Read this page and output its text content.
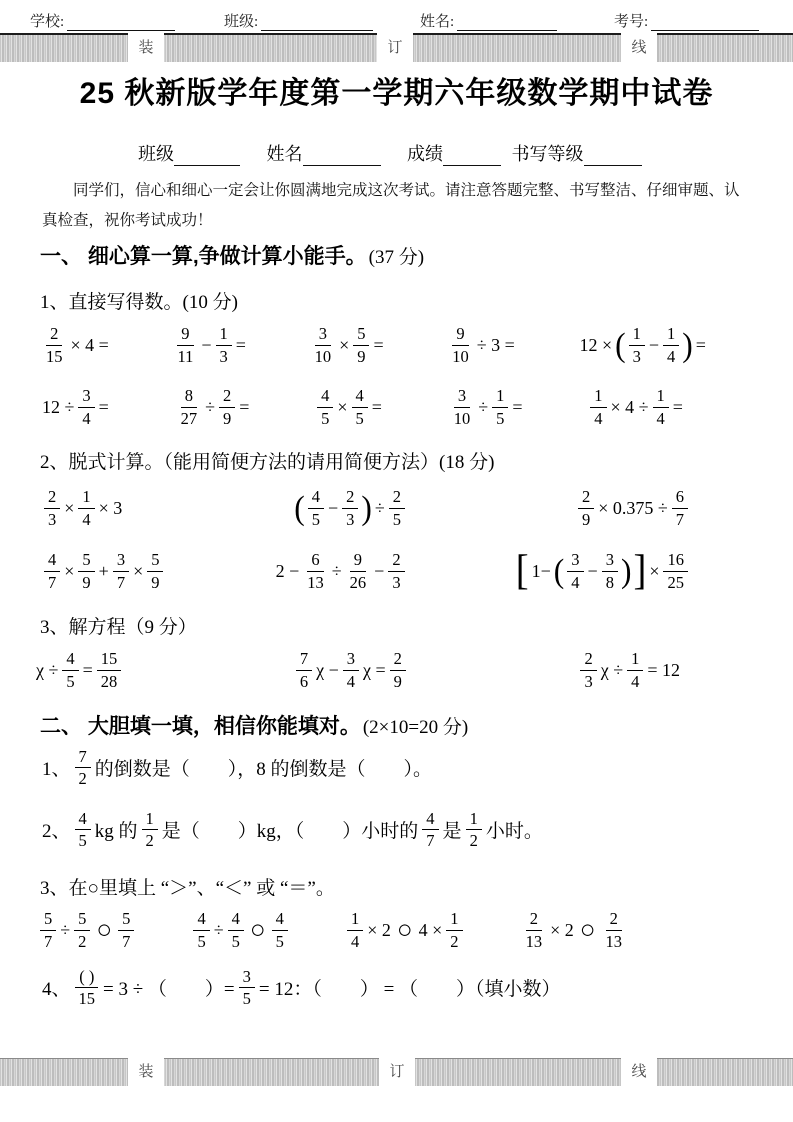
学校:	班级:	姓名:	考号:
装	订	线
25 秋新版学年度第一学期六年级数学期中试卷
班级	姓名	成绩	书写等级

同学们，信心和细心一定会让你圆满地完成这次考试。请注意答题完整、书写整洁、仔细审题、认真检查，祝你考试成功！

一、 细心算一算,争做计算小能手。 (37 分)
1、直接写得数。(10 分)
$\frac{2}{15} \times 4$ =	$\frac{9}{11} - \frac{1}{3}$ =	$\frac{3}{10} \times \frac{5}{9}$ =	$\frac{9}{10} \div 3$ =	12 × ( $\frac{1}{3} - \frac{1}{4}$ ) =
$12 \div \frac{3}{4}$ =	$\frac{8}{27} \div \frac{2}{9}$ =	$\frac{4}{5} \times \frac{4}{5}$ =	$\frac{3}{10} \div \frac{1}{5}$ =	$\frac{1}{4} \times 4 \div \frac{1}{4}$ =
2、脱式计算。（能用简便方法的请用简便方法）(18 分)
$\frac{2}{3} \times \frac{1}{4} \times 3$	( $\frac{4}{5} - \frac{2}{3}$ ) ÷ $\frac{2}{5}$	$\frac{2}{9} \times 0.375 \div \frac{6}{7}$
$\frac{4}{7} \times \frac{5}{9} + \frac{3}{7} \times \frac{5}{9}$	$2 - \frac{6}{13} \div \frac{9}{26} - \frac{2}{3}$	[ 1− ( $\frac{3}{4} - \frac{3}{8}$ ) ] × $\frac{16}{25}$
3、解方程（9 分）
$\chi \div \frac{4}{5} = \frac{15}{28}$	$\frac{7}{6}$ $\chi - \frac{3}{4}$ $\chi = \frac{2}{9}$	$\frac{2}{3}$ $\chi \div \frac{1}{4} = 12$
二、 大胆填一填，相信你能填对。 (2×10=20 分)
1、 $\frac{7}{2}$ 的倒数是（　　），8 的倒数是（　　）。
2、 $\frac{4}{5}$ kg 的 $\frac{1}{2}$ 是（　　）kg，（　　）小时的 $\frac{4}{7}$ 是 $\frac{1}{2}$ 小时。
3、在○里填上 “＞”、“＜” 或 “＝”。
$\frac{5}{7} \div \frac{5}{2}$ ○ $\frac{5}{7}$	$\frac{4}{5} \div \frac{4}{5}$ ○ $\frac{4}{5}$	$\frac{1}{4} \times 2$ ○ $4 \times \frac{1}{2}$	$\frac{2}{13} \times 2$ ○ $\frac{2}{13}$
4、 $\frac{( )}{15} = 3$ ÷ （　　）= $\frac{3}{5} = 12$：（　　） = （　　）（填小数）
装	订	线
